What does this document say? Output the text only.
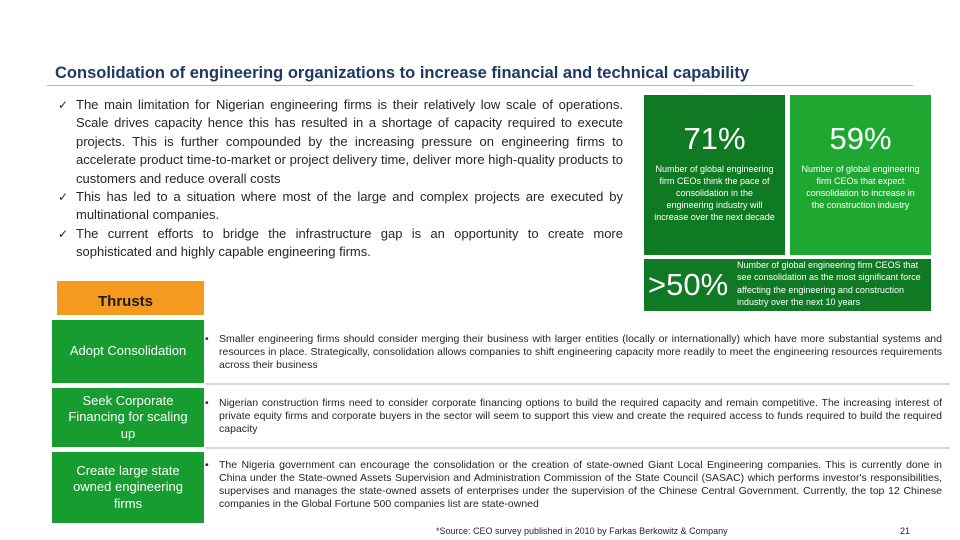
Consolidation of engineering organizations to increase financial and technical capability
✓ The main limitation for Nigerian engineering firms is their relatively low scale of operations. Scale drives capacity hence this has resulted in a shortage of capacity required to execute projects. This is further compounded by the increasing pressure on engineering firms to accelerate product time-to-market or project delivery time, deliver more high-quality products to customers and reduce overall costs
✓ This has led to a situation where most of the large and complex projects are executed by multinational companies.
✓ The current efforts to bridge the infrastructure gap is an opportunity to create more sophisticated and highly capable engineering firms.
71%
Number of global engineering firm CEOs think the pace of consolidation in the engineering industry will increase over the next decade
59%
Number of global engineering firm CEOs that expect consolidation to increase in the construction industry
>50%
Number of global engineering firm CEOS that see consolidation as the most significant force affecting the engineering and construction industry over the next 10 years
Thrusts
Adopt Consolidation
• Smaller engineering firms should consider merging their business with larger entities (locally or internationally) which have more substantial systems and resources in place. Strategically, consolidation allows companies to shift engineering capacity more readily to meet the engineering resources requirements across their business
Seek Corporate Financing for scaling up
• Nigerian construction firms need to consider corporate financing options to build the required capacity and remain competitive. The increasing interest of private equity firms and corporate buyers in the sector will seem to support this view and create the required access to funds required to build the required capacity
Create large state owned engineering firms
• The Nigeria government can encourage the consolidation or the creation of state-owned Giant Local Engineering companies. This is currently done in China under the State-owned Assets Supervision and Administration Commission of the State Council (SASAC) which performs investor's responsibilities, supervises and manages the state-owned assets of enterprises under the supervision of the Chinese Central Government. Currently, the top 12 Chinese companies in the Global Fortune 500 companies list are state-owned
*Source: CEO survey published in 2010 by Farkas Berkowitz & Company	21
